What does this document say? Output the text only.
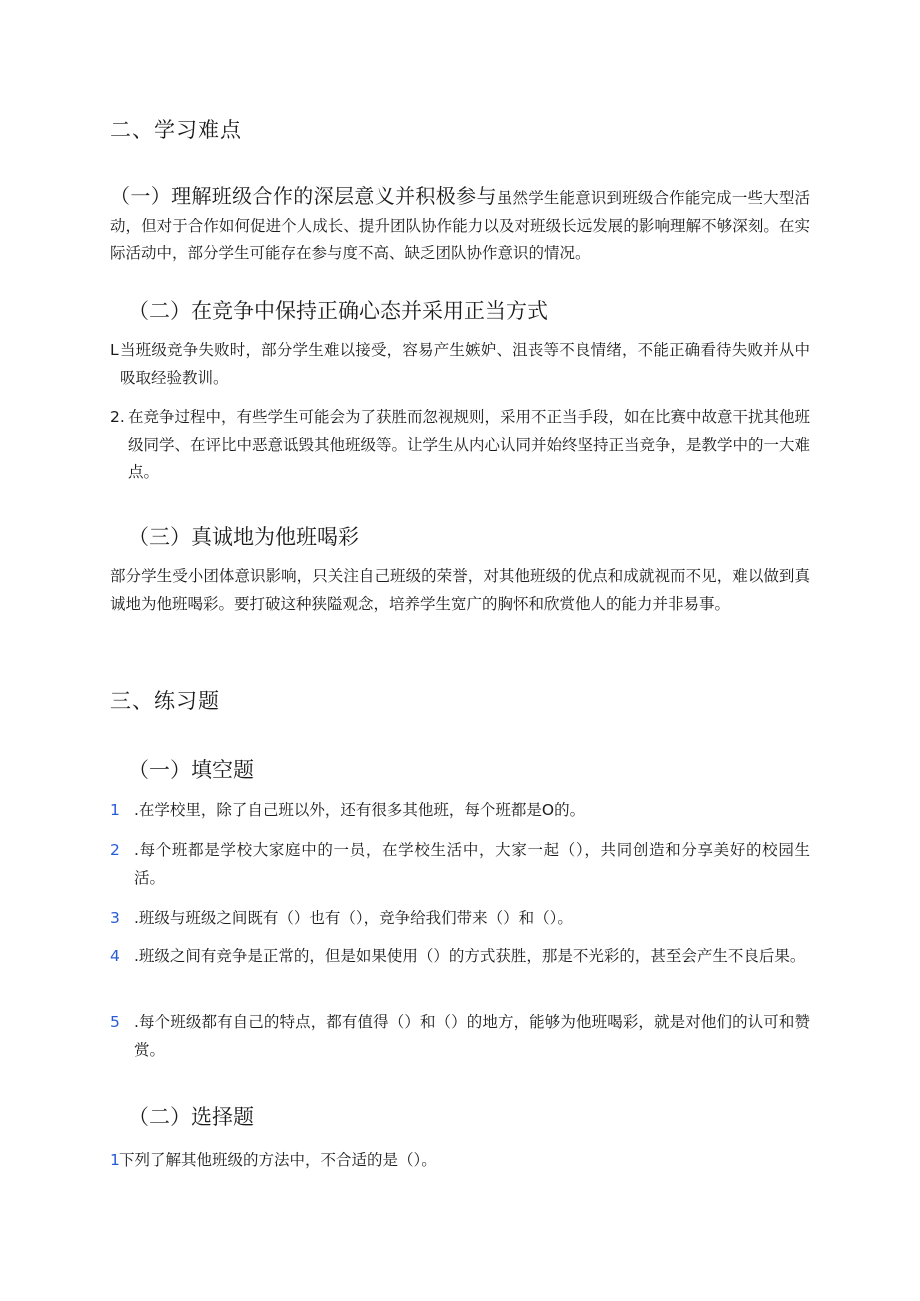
二、学习难点
（一）理解班级合作的深层意义并积极参与虽然学生能意识到班级合作能完成一些大型活动，但对于合作如何促进个人成长、提升团队协作能力以及对班级长远发展的影响理解不够深刻。在实际活动中，部分学生可能存在参与度不高、缺乏团队协作意识的情况。
（二）在竞争中保持正确心态并采用正当方式
L 当班级竞争失败时，部分学生难以接受，容易产生嫉妒、沮丧等不良情绪，不能正确看待失败并从中吸取经验教训。
2. 在竞争过程中，有些学生可能会为了获胜而忽视规则，采用不正当手段，如在比赛中故意干扰其他班级同学、在评比中恶意诋毁其他班级等。让学生从内心认同并始终坚持正当竞争，是教学中的一大难点。
（三）真诚地为他班喝彩
部分学生受小团体意识影响，只关注自己班级的荣誉，对其他班级的优点和成就视而不见，难以做到真诚地为他班喝彩。要打破这种狭隘观念，培养学生宽广的胸怀和欣赏他人的能力并非易事。
三、练习题
（一）填空题
1 .在学校里，除了自己班以外，还有很多其他班，每个班都是O的。
2 .每个班都是学校大家庭中的一员，在学校生活中，大家一起（），共同创造和分享美好的校园生活。
3 .班级与班级之间既有（）也有（），竞争给我们带来（）和（）。
4 .班级之间有竞争是正常的，但是如果使用（）的方式获胜，那是不光彩的，甚至会产生不良后果。
5 .每个班级都有自己的特点，都有值得（）和（）的地方，能够为他班喝彩，就是对他们的认可和赞赏。
（二）选择题
1 下列了解其他班级的方法中，不合适的是（）。
